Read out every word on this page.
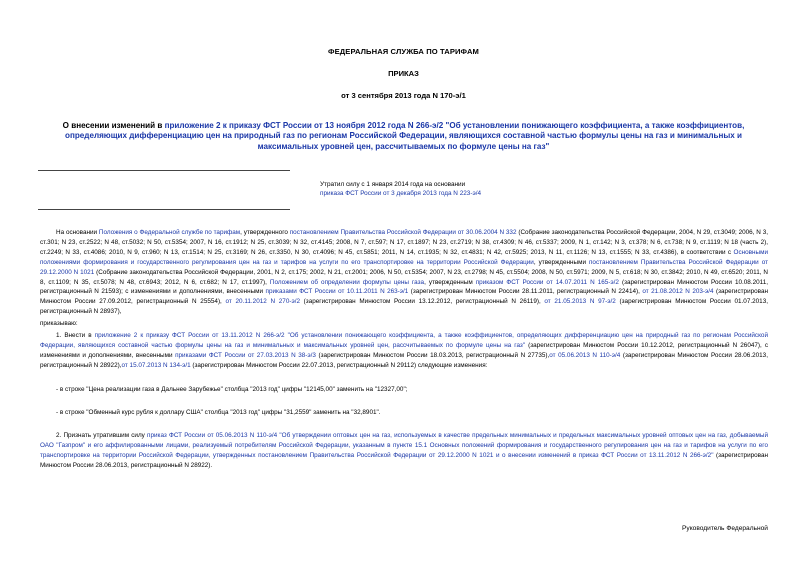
ФЕДЕРАЛЬНАЯ СЛУЖБА ПО ТАРИФАМ
ПРИКАЗ
от 3 сентября 2013 года N 170-э/1
О внесении изменений в приложение 2 к приказу ФСТ России от 13 ноября 2012 года N 266-э/2 "Об установлении понижающего коэффициента, а также коэффициентов, определяющих дифференциацию цен на природный газ по регионам Российской Федерации, являющихся составной частью формулы цены на газ и минимальных и максимальных уровней цен, рассчитываемых по формуле цены на газ"
Утратил силу с 1 января 2014 года на основании
приказа ФСТ России от 3 декабря 2013 года N 223-э/4
На основании Положения о Федеральной службе по тарифам, утвержденного постановлением Правительства Российской Федерации от 30.06.2004 N 332 (Собрание законодательства Российской Федерации, 2004, N 29, ст.3049; 2006, N 3, ст.301; N 23, ст.2522; N 48, ст.5032; N 50, ст.5354; 2007, N 16, ст.1912; N 25, ст.3039; N 32, ст.4145; 2008, N 7, ст.597; N 17, ст.1897; N 23, ст.2719; N 38, ст.4309; N 46, ст.5337; 2009, N 1, ст.142; N 3, ст.378; N 6, ст.738; N 9, ст.1119; N 18 (часть 2), ст.2249; N 33, ст.4086; 2010, N 9, ст.960; N 13, ст.1514; N 25, ст.3169; N 26, ст.3350, N 30, ст.4096; N 45, ст.5851; 2011, N 14, ст.1935; N 32, ст.4831; N 42, ст.5925; 2013, N 11, ст.1126; N 13, ст.1555; N 33, ст.4386), в соответствии с Основными положениями формирования и государственного регулирования цен на газ и тарифов на услуги по его транспортировке на территории Российской Федерации, утвержденными постановлением Правительства Российской Федерации от 29.12.2000 N 1021 (Собрание законодательства Российской Федерации, 2001, N 2, ст.175; 2002, N 21, ст.2001; 2006, N 50, ст.5354; 2007, N 23, ст.2798; N 45, ст.5504; 2008, N 50, ст.5971; 2009, N 5, ст.618; N 30, ст.3842; 2010, N 49, ст.6520; 2011, N 8, ст.1109; N 35, ст.5078; N 48, ст.6943; 2012, N 6, ст.682; N 17, ст.1997), Положением об определении формулы цены газа, утвержденным приказом ФСТ России от 14.07.2011 N 165-э/2 (зарегистрирован Минюстом России 10.08.2011, регистрационный N 21593); с изменениями и дополнениями, внесенными приказами ФСТ России от 10.11.2011 N 263-э/1 (зарегистрирован Минюстом России 28.11.2011, регистрационный N 22414), от 21.08.2012 N 203-э/4 (зарегистрирован Минюстом России 27.09.2012, регистрационный N 25554), от 20.11.2012 N 270-э/2 (зарегистрирован Минюстом России 13.12.2012, регистрационный N 26119), от 21.05.2013 N 97-э/2 (зарегистрирован Минюстом России 01.07.2013, регистрационный N 28937),
приказываю:
1. Внести в приложение 2 к приказу ФСТ России от 13.11.2012 N 266-э/2 "Об установлении понижающего коэффициента, а также коэффициентов, определяющих дифференциацию цен на природный газ по регионам Российской Федерации, являющихся составной частью формулы цены на газ и минимальных и максимальных уровней цен, рассчитываемых по формуле цены на газ" (зарегистрирован Минюстом России 10.12.2012, регистрационный N 26047), с изменениями и дополнениями, внесенными приказами ФСТ России от 27.03.2013 N 38-э/3 (зарегистрирован Минюстом России 18.03.2013, регистрационный N 27735),от 05.06.2013 N 110-э/4 (зарегистрирован Минюстом России 28.06.2013, регистрационный N 28922),от 15.07.2013 N 134-э/1 (зарегистрирован Минюстом России 22.07.2013, регистрационный N 29112) следующие изменения:
- в строке "Цена реализации газа в Дальнее Зарубежье" столбца "2013 год" цифры "12145,00" заменить на "12327,00";
- в строке "Обменный курс рубля к доллару США" столбца "2013 год" цифры "31,2559" заменить на "32,8901".
2. Признать утратившим силу приказ ФСТ России от 05.06.2013 N 110-э/4 "Об утверждении оптовых цен на газ, используемых в качестве предельных минимальных и предельных максимальных уровней оптовых цен на газ, добываемый ОАО "Газпром" и его аффилированными лицами, реализуемый потребителям Российской Федерации, указанным в пункте 15.1 Основных положений формирования и государственного регулирования цен на газ и тарифов на услуги по его транспортировке на территории Российской Федерации, утвержденных постановлением Правительства Российской Федерации от 29.12.2000 N 1021 и о внесении изменений в приказ ФСТ России от 13.11.2012 N 266-э/2" (зарегистрирован Минюстом России 28.06.2013, регистрационный N 28922).
Руководитель Федеральной
